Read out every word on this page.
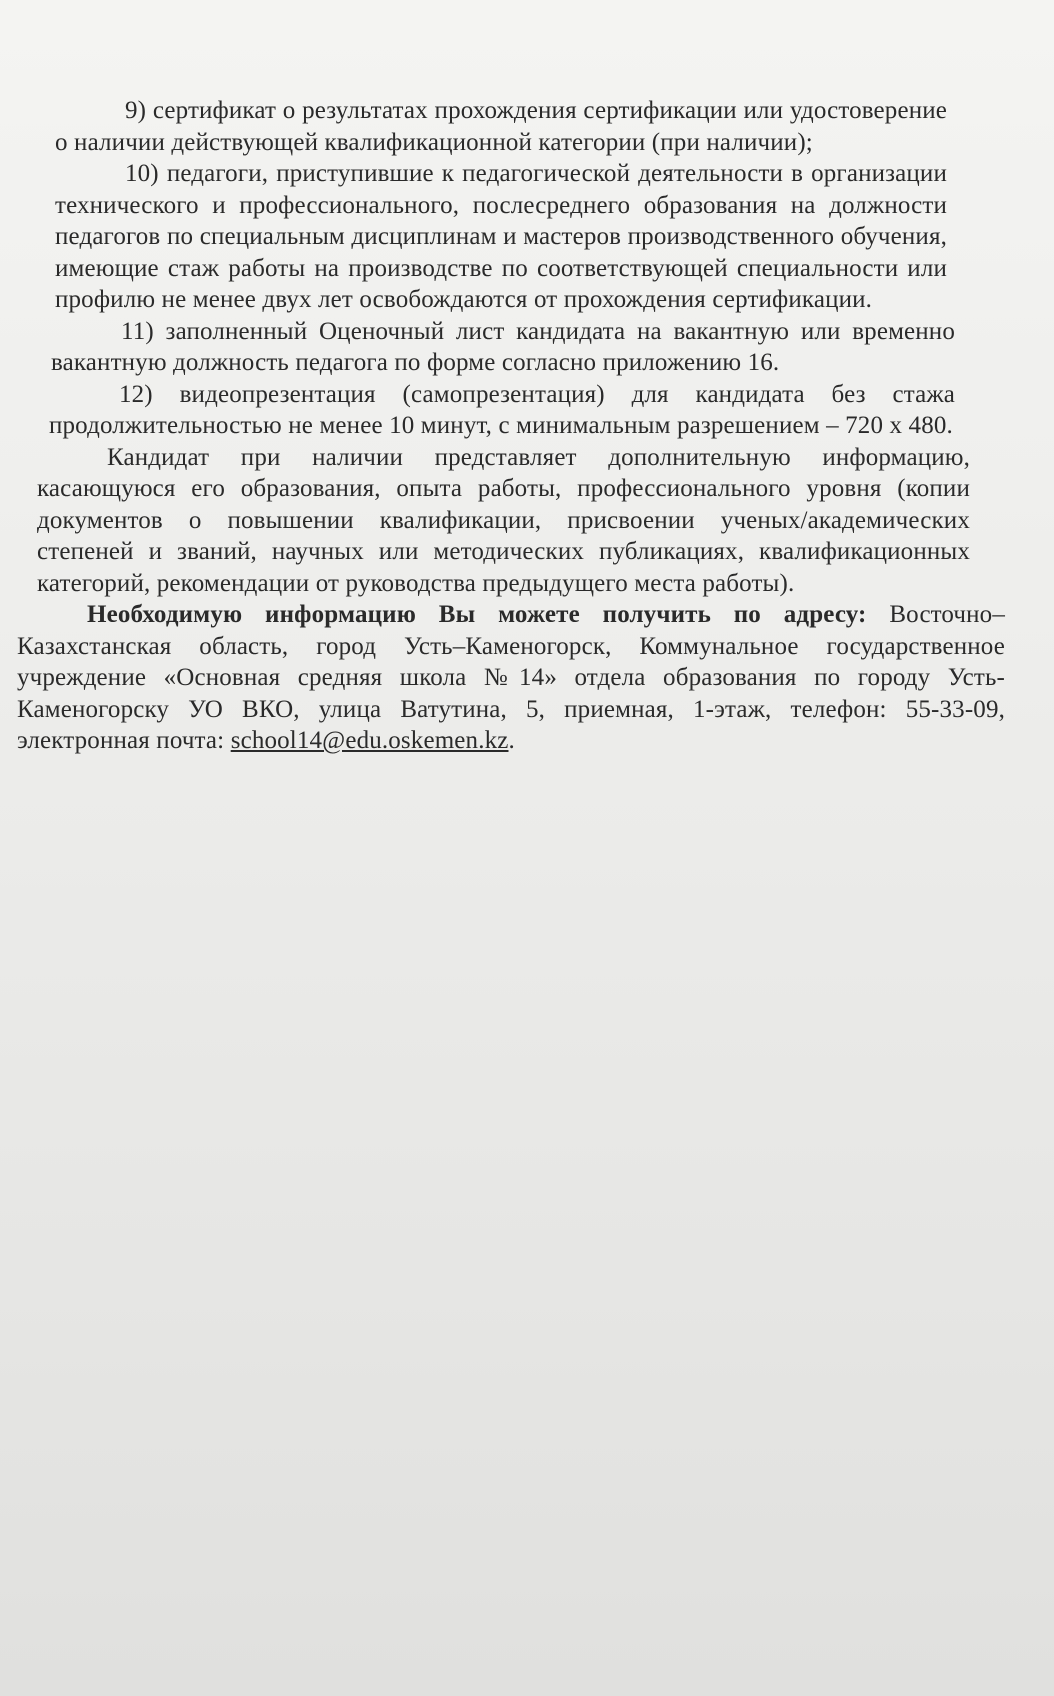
9) сертификат о результатах прохождения сертификации или удостоверение о наличии действующей квалификационной категории (при наличии);

10) педагоги, приступившие к педагогической деятельности в организации технического и профессионального, послесреднего образования на должности педагогов по специальным дисциплинам и мастеров производственного обучения, имеющие стаж работы на производстве по соответствующей специальности или профилю не менее двух лет освобождаются от прохождения сертификации.

11) заполненный Оценочный лист кандидата на вакантную или временно вакантную должность педагога по форме согласно приложению 16.

12) видеопрезентация (самопрезентация) для кандидата без стажа продолжительностью не менее 10 минут, с минимальным разрешением – 720 х 480.

Кандидат при наличии представляет дополнительную информацию, касающуюся его образования, опыта работы, профессионального уровня (копии документов о повышении квалификации, присвоении ученых/академических степеней и званий, научных или методических публикациях, квалификационных категорий, рекомендации от руководства предыдущего места работы).

Необходимую информацию Вы можете получить по адресу: Восточно–Казахстанская область, город Усть–Каменогорск, Коммунальное государственное учреждение «Основная средняя школа №14» отдела образования по городу Усть-Каменогорску УО ВКО, улица Ватутина, 5, приемная, 1-этаж, телефон: 55-33-09, электронная почта: school14@edu.oskemen.kz.
